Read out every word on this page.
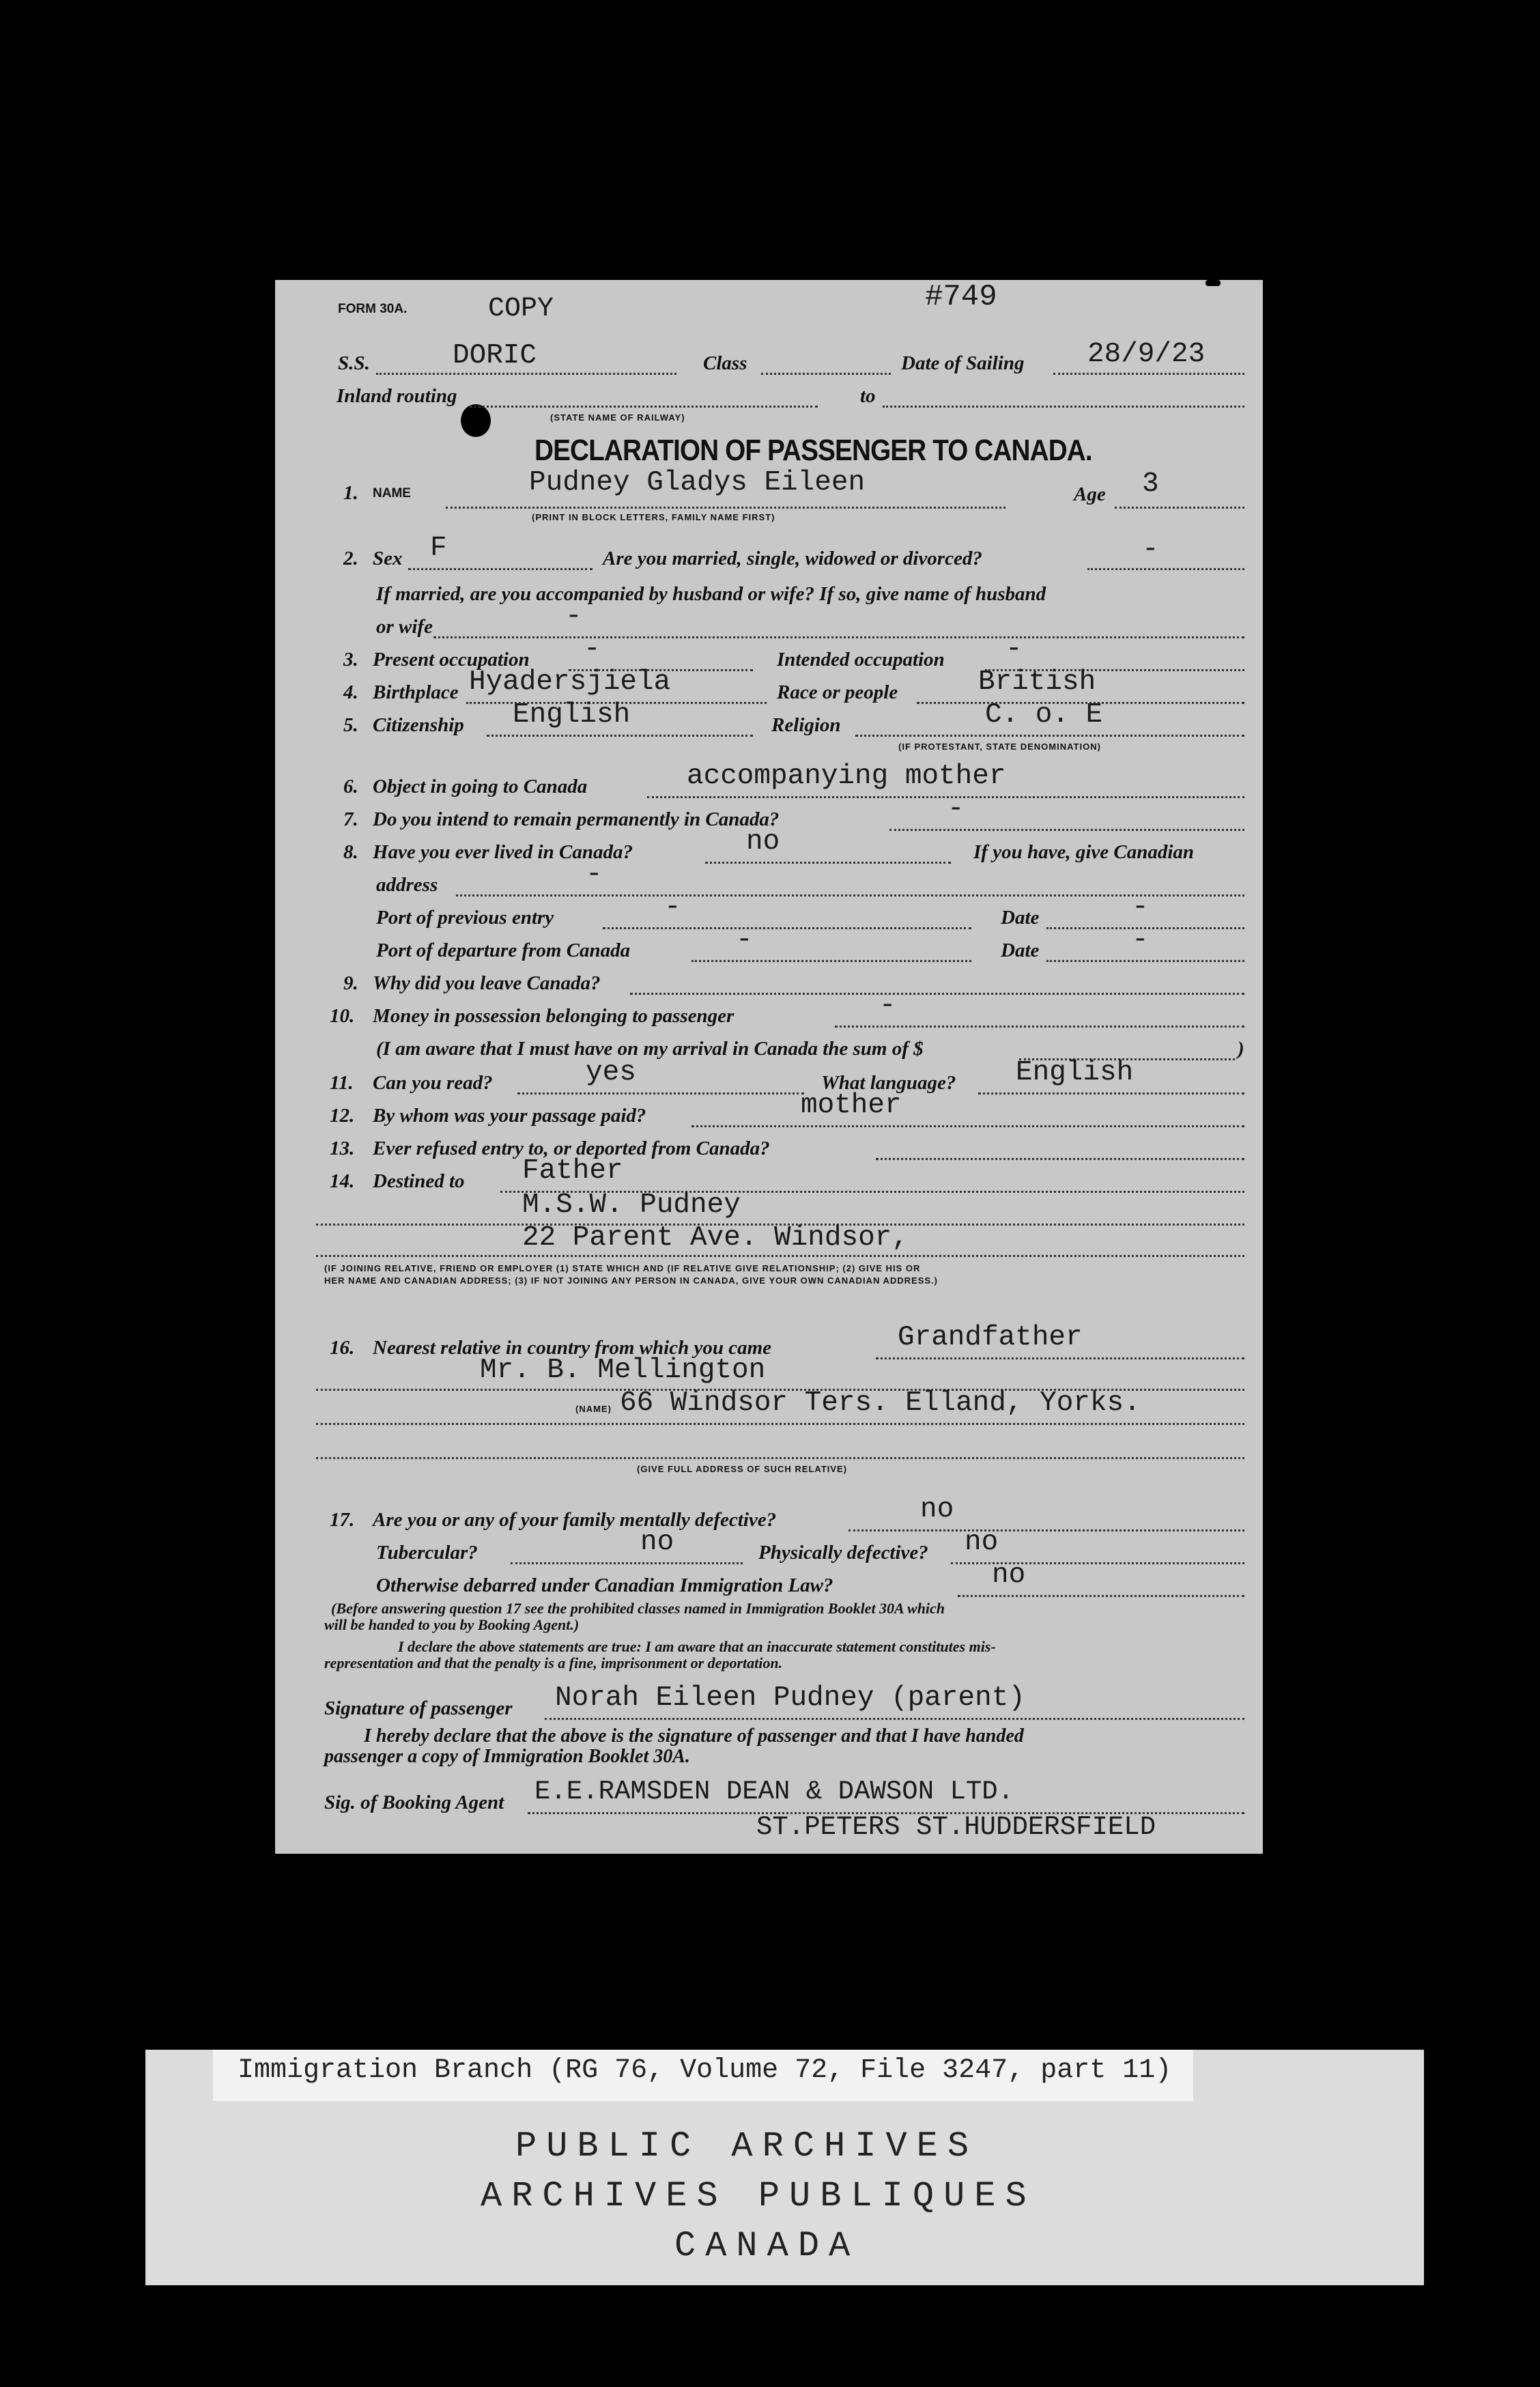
FORM 30A.	COPY	#749
S.S.	DORIC	Class	Date of Sailing 28/9/23
Inland routing	to
(STATE NAME OF RAILWAY)
DECLARATION OF PASSENGER TO CANADA.
1. NAME	Pudney Gladys Eileen	Age 3
(PRINT IN BLOCK LETTERS, FAMILY NAME FIRST)
2. Sex F	Are you married, single, widowed or divorced?	-
If married, are you accompanied by husband or wife? If so, give name of husband
or wife	-
3. Present occupation -	Intended occupation -
4. Birthplace Hyadersjiela	Race or people	British
5. Citizenship English	Religion	C. o. E
(IF PROTESTANT, STATE DENOMINATION)
6. Object in going to Canada	accompanying mother
7. Do you intend to remain permanently in Canada?	-
8. Have you ever lived in Canada?	no	If you have, give Canadian
address	-
Port of previous entry	-	Date	-
Port of departure from Canada	-	Date	-
9. Why did you leave Canada?
10. Money in possession belonging to passenger	-
(I am aware that I must have on my arrival in Canada the sum of $	)
11. Can you read?	yes	What language? English
12. By whom was your passage paid?	mother
13. Ever refused entry to, or deported from Canada?
14. Destined to Father
M.S.W. Pudney
22 Parent Ave. Windsor,
(IF JOINING RELATIVE, FRIEND OR EMPLOYER (1) STATE WHICH AND (IF RELATIVE GIVE RELATIONSHIP; (2) GIVE HIS OR
HER NAME AND CANADIAN ADDRESS; (3) IF NOT JOINING ANY PERSON IN CANADA, GIVE YOUR OWN CANADIAN ADDRESS.)
16. Nearest relative in country from which you came	Grandfather
Mr. B. Mellington
(NAME) 66 Windsor Ters. Elland, Yorks.
(GIVE FULL ADDRESS OF SUCH RELATIVE)
17. Are you or any of your family mentally defective?	no
Tubercular?	no	Physically defective? no
Otherwise debarred under Canadian Immigration Law?	no
(Before answering question 17 see the prohibited classes named in Immigration Booklet 30A which
will be handed to you by Booking Agent.)
I declare the above statements are true: I am aware that an inaccurate statement constitutes mis-
representation and that the penalty is a fine, imprisonment or deportation.
Signature of passenger Norah Eileen Pudney (parent)
I hereby declare that the above is the signature of passenger and that I have handed
passenger a copy of Immigration Booklet 30A.
Sig. of Booking Agent E.E.RAMSDEN DEAN & DAWSON LTD.
ST.PETERS ST.HUDDERSFIELD
Immigration Branch (RG 76, Volume 72, File 3247, part 11)
PUBLIC ARCHIVES
ARCHIVES PUBLIQUES
CANADA
